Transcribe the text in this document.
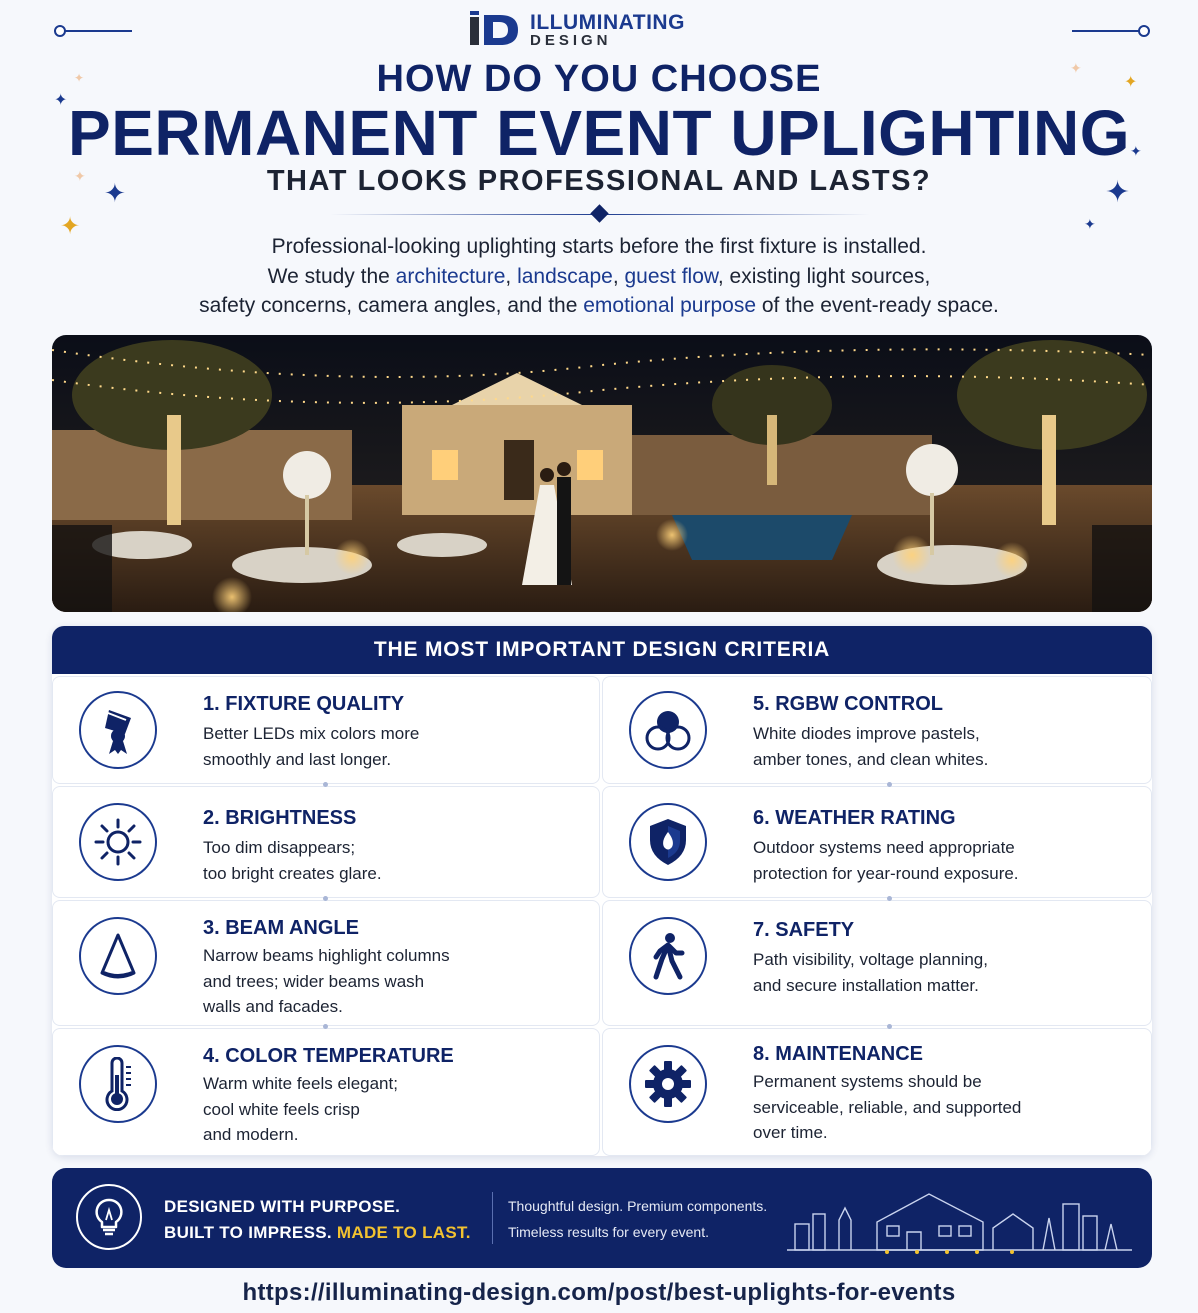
ILLUMINATING
DESIGN
✦
✦
✦
✦
✦
✦
✦
✦
✦
✦
HOW DO YOU CHOOSE
PERMANENT EVENT UPLIGHTING
THAT LOOKS PROFESSIONAL AND LASTS?
Professional-looking uplighting starts before the first fixture is installed.
We study the architecture, landscape, guest flow, existing light sources,
safety concerns, camera angles, and the emotional purpose of the event-ready space.
THE MOST IMPORTANT DESIGN CRITERIA
1. FIXTURE QUALITY
Better LEDs mix colors more
smoothly and last longer.
2. BRIGHTNESS
Too dim disappears;
too bright creates glare.
3. BEAM ANGLE
Narrow beams highlight columns
and trees; wider beams wash
walls and facades.
4. COLOR TEMPERATURE
Warm white feels elegant;
cool white feels crisp
and modern.
5. RGBW CONTROL
White diodes improve pastels,
amber tones, and clean whites.
6. WEATHER RATING
Outdoor systems need appropriate
protection for year-round exposure.
7. SAFETY
Path visibility, voltage planning,
and secure installation matter.
8. MAINTENANCE
Permanent systems should be
serviceable, reliable, and supported
over time.
DESIGNED WITH PURPOSE.
BUILT TO IMPRESS. MADE TO LAST.
Thoughtful design. Premium components.
Timeless results for every event.
https://illuminating-design.com/post/best-uplights-for-events
